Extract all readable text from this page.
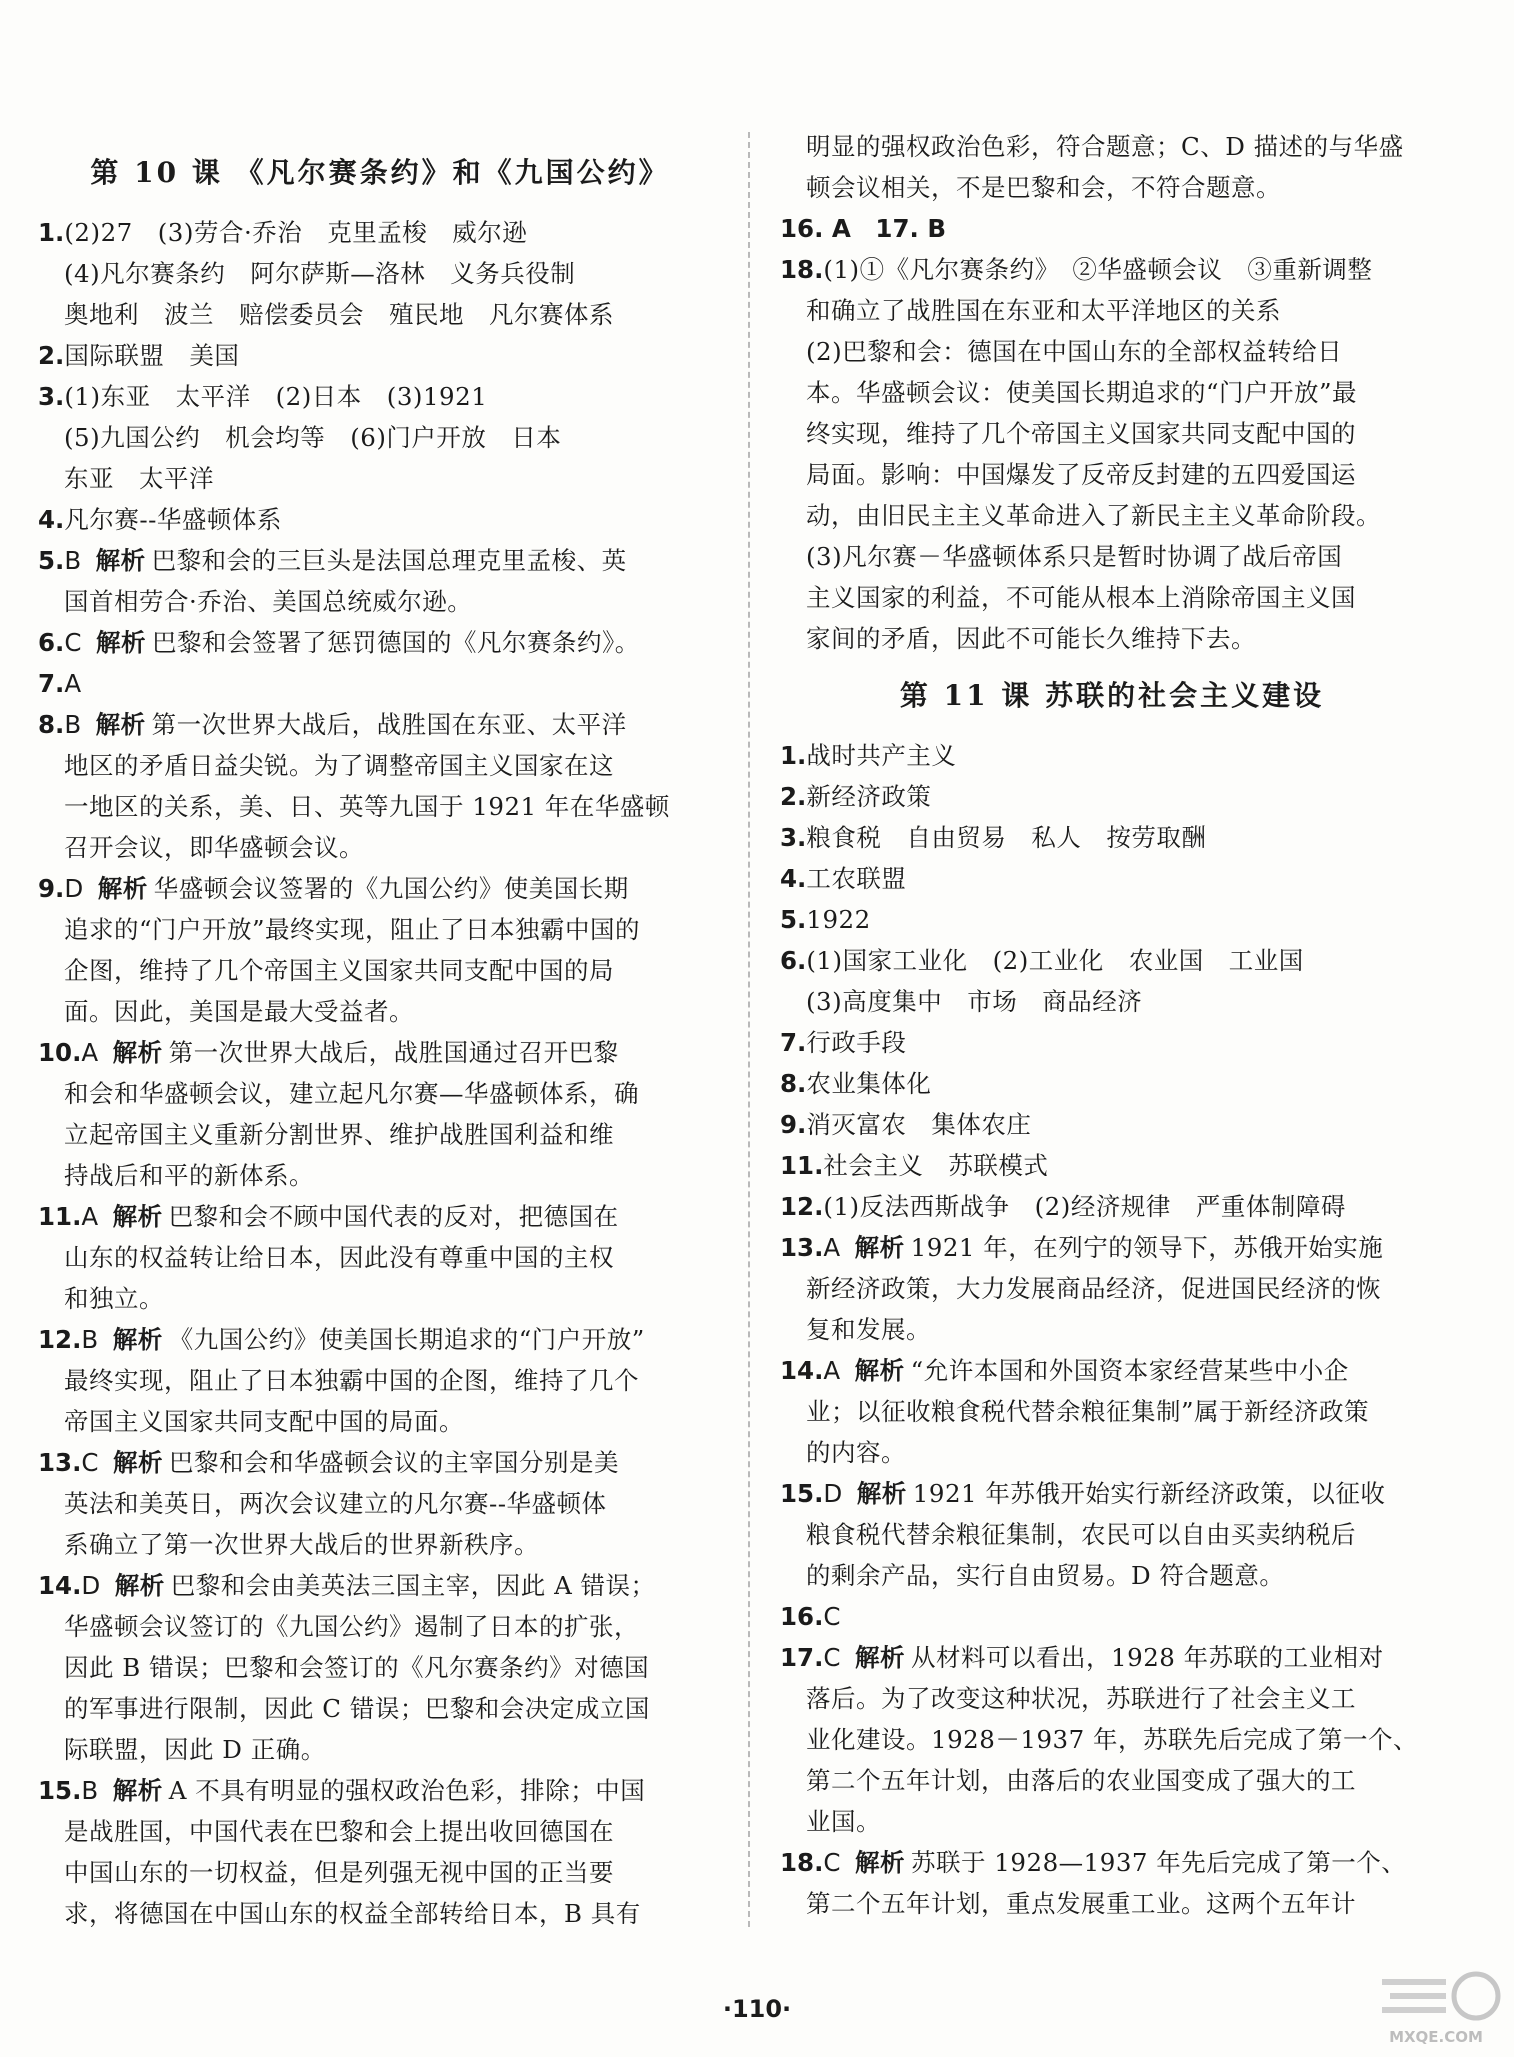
第 10 课 《凡尔赛条约》和《九国公约》
1.(2)27　(3)劳合·乔治　克里孟梭　威尔逊
(4)凡尔赛条约　阿尔萨斯—洛林　义务兵役制
奥地利　波兰　赔偿委员会　殖民地　凡尔赛体系
2.国际联盟　美国
3.(1)东亚　太平洋　(2)日本　(3)1921
(5)九国公约　机会均等　(6)门户开放　日本
东亚　太平洋
4.凡尔赛--华盛顿体系
5.B 解析 巴黎和会的三巨头是法国总理克里孟梭、英
国首相劳合·乔治、美国总统威尔逊。
6.C 解析 巴黎和会签署了惩罚德国的《凡尔赛条约》。
7.A
8.B 解析 第一次世界大战后，战胜国在东亚、太平洋
地区的矛盾日益尖锐。为了调整帝国主义国家在这
一地区的关系，美、日、英等九国于 1921 年在华盛顿
召开会议，即华盛顿会议。
9.D 解析 华盛顿会议签署的《九国公约》使美国长期
追求的“门户开放”最终实现，阻止了日本独霸中国的
企图，维持了几个帝国主义国家共同支配中国的局
面。因此，美国是最大受益者。
10.A 解析 第一次世界大战后，战胜国通过召开巴黎
和会和华盛顿会议，建立起凡尔赛—华盛顿体系，确
立起帝国主义重新分割世界、维护战胜国利益和维
持战后和平的新体系。
11.A 解析 巴黎和会不顾中国代表的反对，把德国在
山东的权益转让给日本，因此没有尊重中国的主权
和独立。
12.B 解析 《九国公约》使美国长期追求的“门户开放”
最终实现，阻止了日本独霸中国的企图，维持了几个
帝国主义国家共同支配中国的局面。
13.C 解析 巴黎和会和华盛顿会议的主宰国分别是美
英法和美英日，两次会议建立的凡尔赛--华盛顿体
系确立了第一次世界大战后的世界新秩序。
14.D 解析 巴黎和会由美英法三国主宰，因此 A 错误；
华盛顿会议签订的《九国公约》遏制了日本的扩张，
因此 B 错误；巴黎和会签订的《凡尔赛条约》对德国
的军事进行限制，因此 C 错误；巴黎和会决定成立国
际联盟，因此 D 正确。
15.B 解析 A 不具有明显的强权政治色彩，排除；中国
是战胜国，中国代表在巴黎和会上提出收回德国在
中国山东的一切权益，但是列强无视中国的正当要
求，将德国在中国山东的权益全部转给日本，B 具有
明显的强权政治色彩，符合题意；C、D 描述的与华盛
顿会议相关，不是巴黎和会，不符合题意。
16. A　17. B
18.(1)①《凡尔赛条约》　②华盛顿会议　③重新调整
和确立了战胜国在东亚和太平洋地区的关系
(2)巴黎和会：德国在中国山东的全部权益转给日
本。华盛顿会议：使美国长期追求的“门户开放”最
终实现，维持了几个帝国主义国家共同支配中国的
局面。影响：中国爆发了反帝反封建的五四爱国运
动，由旧民主主义革命进入了新民主主义革命阶段。
(3)凡尔赛－华盛顿体系只是暂时协调了战后帝国
主义国家的利益，不可能从根本上消除帝国主义国
家间的矛盾，因此不可能长久维持下去。
第 11 课 苏联的社会主义建设
1.战时共产主义
2.新经济政策
3.粮食税　自由贸易　私人　按劳取酬
4.工农联盟
5.1922
6.(1)国家工业化　(2)工业化　农业国　工业国
(3)高度集中　市场　商品经济
7.行政手段
8.农业集体化
9.消灭富农　集体农庄
11.社会主义　苏联模式
12.(1)反法西斯战争　(2)经济规律　严重体制障碍
13.A 解析 1921 年，在列宁的领导下，苏俄开始实施
新经济政策，大力发展商品经济，促进国民经济的恢
复和发展。
14.A 解析 “允许本国和外国资本家经营某些中小企
业；以征收粮食税代替余粮征集制”属于新经济政策
的内容。
15.D 解析 1921 年苏俄开始实行新经济政策，以征收
粮食税代替余粮征集制，农民可以自由买卖纳税后
的剩余产品，实行自由贸易。D 符合题意。
16.C
17.C 解析 从材料可以看出，1928 年苏联的工业相对
落后。为了改变这种状况，苏联进行了社会主义工
业化建设。1928－1937 年，苏联先后完成了第一个、
第二个五年计划，由落后的农业国变成了强大的工
业国。
18.C 解析 苏联于 1928—1937 年先后完成了第一个、
第二个五年计划，重点发展重工业。这两个五年计
·110·
MXQE.COM
